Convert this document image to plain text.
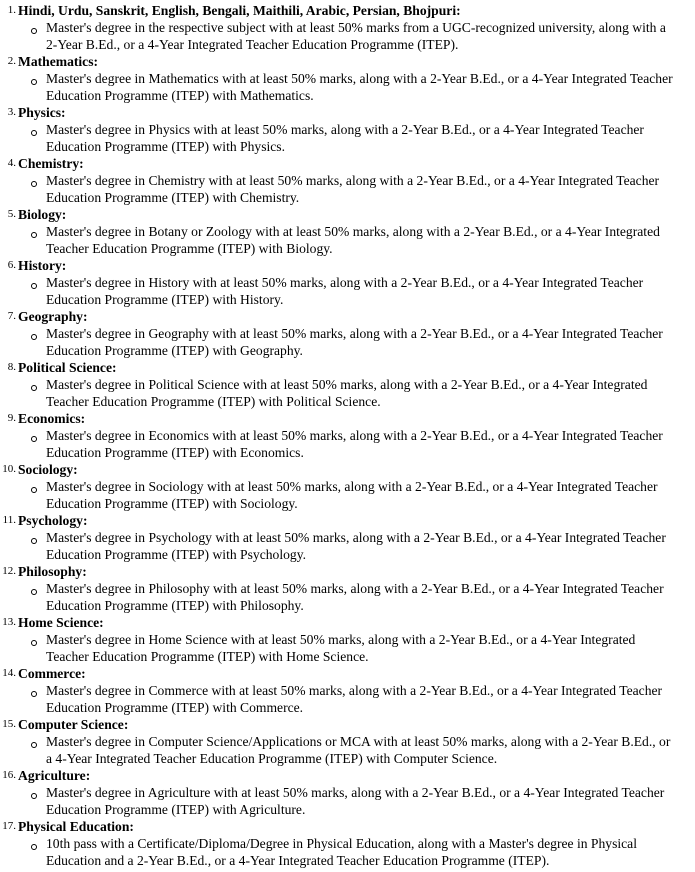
1. Hindi, Urdu, Sanskrit, English, Bengali, Maithili, Arabic, Persian, Bhojpuri:
Master's degree in the respective subject with at least 50% marks from a UGC-recognized university, along with a
2-Year B.Ed., or a 4-Year Integrated Teacher Education Programme (ITEP).
2. Mathematics:
Master's degree in Mathematics with at least 50% marks, along with a 2-Year B.Ed., or a 4-Year Integrated Teacher
Education Programme (ITEP) with Mathematics.
3. Physics:
Master's degree in Physics with at least 50% marks, along with a 2-Year B.Ed., or a 4-Year Integrated Teacher
Education Programme (ITEP) with Physics.
4. Chemistry:
Master's degree in Chemistry with at least 50% marks, along with a 2-Year B.Ed., or a 4-Year Integrated Teacher
Education Programme (ITEP) with Chemistry.
5. Biology:
Master's degree in Botany or Zoology with at least 50% marks, along with a 2-Year B.Ed., or a 4-Year Integrated
Teacher Education Programme (ITEP) with Biology.
6. History:
Master's degree in History with at least 50% marks, along with a 2-Year B.Ed., or a 4-Year Integrated Teacher
Education Programme (ITEP) with History.
7. Geography:
Master's degree in Geography with at least 50% marks, along with a 2-Year B.Ed., or a 4-Year Integrated Teacher
Education Programme (ITEP) with Geography.
8. Political Science:
Master's degree in Political Science with at least 50% marks, along with a 2-Year B.Ed., or a 4-Year Integrated
Teacher Education Programme (ITEP) with Political Science.
9. Economics:
Master's degree in Economics with at least 50% marks, along with a 2-Year B.Ed., or a 4-Year Integrated Teacher
Education Programme (ITEP) with Economics.
10. Sociology:
Master's degree in Sociology with at least 50% marks, along with a 2-Year B.Ed., or a 4-Year Integrated Teacher
Education Programme (ITEP) with Sociology.
11. Psychology:
Master's degree in Psychology with at least 50% marks, along with a 2-Year B.Ed., or a 4-Year Integrated Teacher
Education Programme (ITEP) with Psychology.
12. Philosophy:
Master's degree in Philosophy with at least 50% marks, along with a 2-Year B.Ed., or a 4-Year Integrated Teacher
Education Programme (ITEP) with Philosophy.
13. Home Science:
Master's degree in Home Science with at least 50% marks, along with a 2-Year B.Ed., or a 4-Year Integrated
Teacher Education Programme (ITEP) with Home Science.
14. Commerce:
Master's degree in Commerce with at least 50% marks, along with a 2-Year B.Ed., or a 4-Year Integrated Teacher
Education Programme (ITEP) with Commerce.
15. Computer Science:
Master's degree in Computer Science/Applications or MCA with at least 50% marks, along with a 2-Year B.Ed., or
a 4-Year Integrated Teacher Education Programme (ITEP) with Computer Science.
16. Agriculture:
Master's degree in Agriculture with at least 50% marks, along with a 2-Year B.Ed., or a 4-Year Integrated Teacher
Education Programme (ITEP) with Agriculture.
17. Physical Education:
10th pass with a Certificate/Diploma/Degree in Physical Education, along with a Master's degree in Physical
Education and a 2-Year B.Ed., or a 4-Year Integrated Teacher Education Programme (ITEP).
